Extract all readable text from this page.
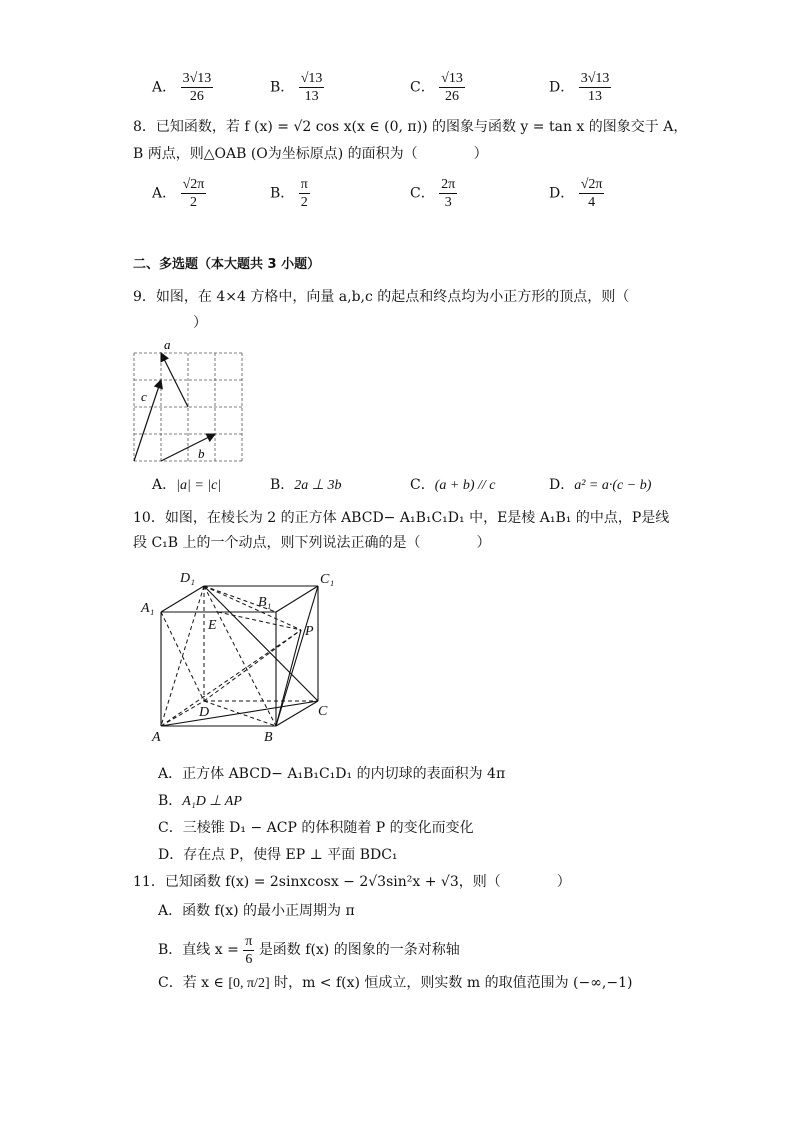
A． $\frac{3√13}{26}$	B． $\frac{√13}{13}$	C． $\frac{√13}{26}$	D． $\frac{3√13}{13}$
8．已知函数，若 f (x) = √2 cos x(x ∈ (0, π)) 的图象与函数 y = tan x 的图象交于 A，
B 两点，则△OAB (O为坐标原点) 的面积为（　　　　）
A． $\frac{√2\pi}{2}$	B． $\frac{\pi}{2}$	C． $\frac{2\pi}{3}$	D． $\frac{√2\pi}{4}$
二、多选题（本大题共 3 小题）
9．如图，在 4×4 方格中，向量 a,b,c 的起点和终点均为小正方形的顶点，则（
）
a
c
b
A．|a| = |c|	B．2a ⊥ 3b	C．(a + b) // c	D．a² = a·(c − b)
10．如图，在棱长为 2 的正方体 ABCD− A₁B₁C₁D₁ 中，E是棱 A₁B₁ 的中点，P是线
段 C₁B 上的一个动点，则下列说法正确的是（　　　　）
D₁	C₁
A₁	B₁
E	P
D	C
A	B
A．正方体 ABCD− A₁B₁C₁D₁ 的内切球的表面积为 4π
B．A₁D ⊥ AP
C．三棱锥 D₁ − ACP 的体积随着 P 的变化而变化
D．存在点 P，使得 EP ⊥ 平面 BDC₁
11．已知函数 f(x) = 2sinxcosx − 2√3sin²x + √3，则（　　　　）
A．函数 f(x) 的最小正周期为 π
B．直线 $x = \frac{\pi}{6}$ 是函数 f(x) 的图象的一条对称轴
C．若 x ∈ [0, π/2] 时，m < f(x) 恒成立，则实数 m 的取值范围为 (−∞,−1)
